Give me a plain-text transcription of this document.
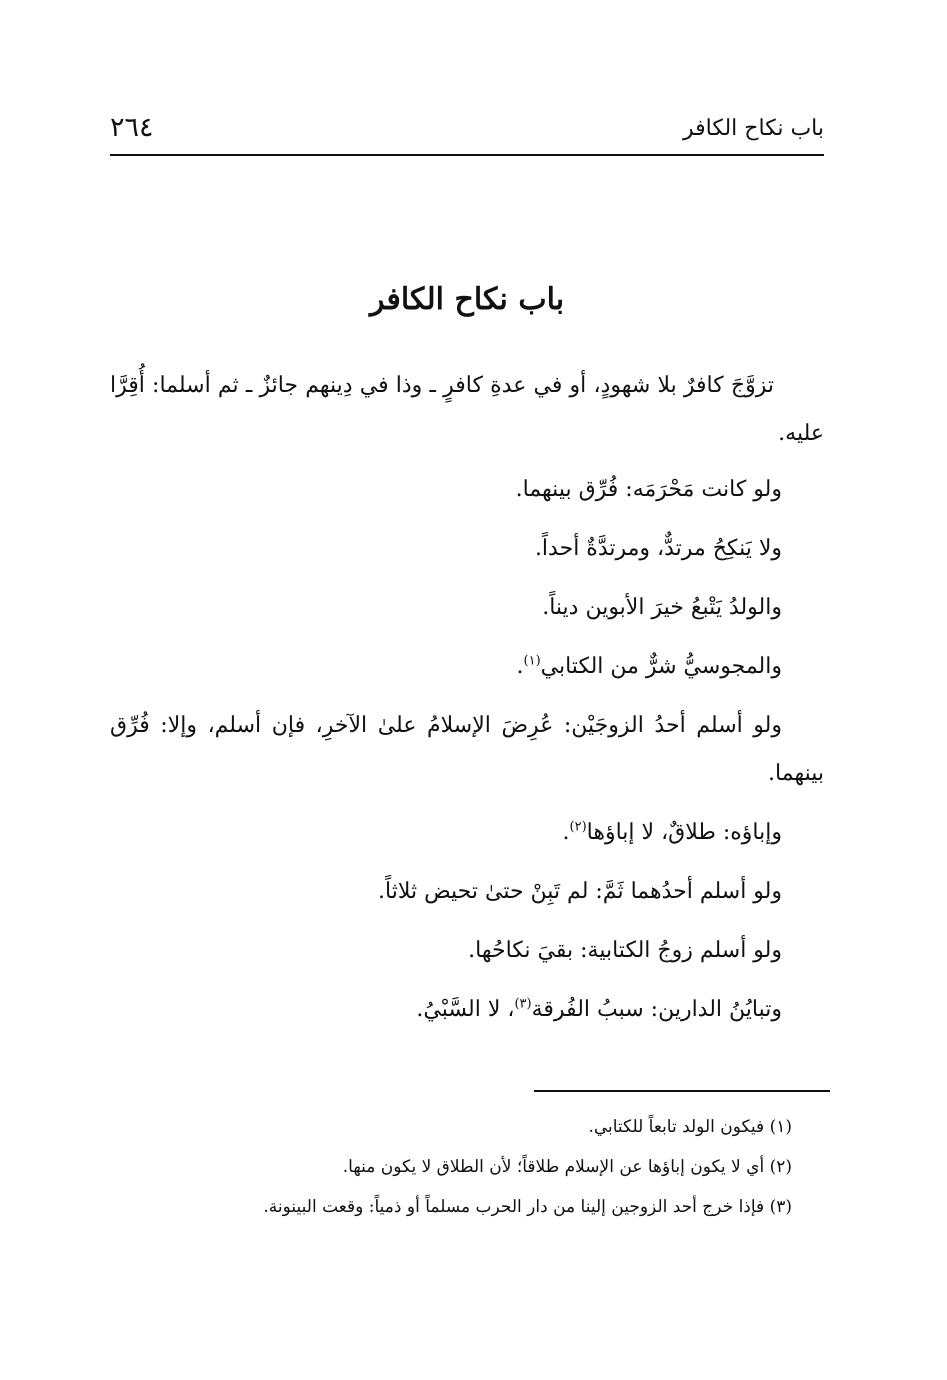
باب نكاح الكافر
٢٦٤
باب نكاح الكافر

تزوَّجَ كافرٌ بلا شهودٍ، أو في عدةِ كافرٍ ـ وذا في دِينهم جائزٌ ـ ثم أسلما: أُقِرَّا عليه.

ولو كانت مَحْرَمَه: فُرِّق بينهما.

ولا يَنكِحُ مرتدٌّ، ومرتدَّةٌ أحداً.

والولدُ يَتْبعُ خيرَ الأبوين ديناً.

والمجوسيُّ شرٌّ من الكتابي$^{(١)}$.

ولو أسلم أحدُ الزوجَيْن: عُرِضَ الإسلامُ علىٰ الآخرِ، فإن أسلم، وإلا: فُرِّق بينهما.

وإباؤه: طلاقٌ، لا إباؤها$^{(٢)}$.

ولو أسلم أحدُهما ثَمَّ: لم تَبِنْ حتىٰ تحيض ثلاثاً.

ولو أسلم زوجُ الكتابية: بقيَ نكاحُها.

وتبايُنُ الدارين: سببُ الفُرقة$^{(٣)}$، لا السَّبْيُ.

(١) فيكون الولد تابعاً للكتابي.

(٢) أي لا يكون إباؤها عن الإسلام طلاقاً؛ لأن الطلاق لا يكون منها.

(٣) فإذا خرج أحد الزوجين إلينا من دار الحرب مسلماً أو ذمياً: وقعت البينونة.
